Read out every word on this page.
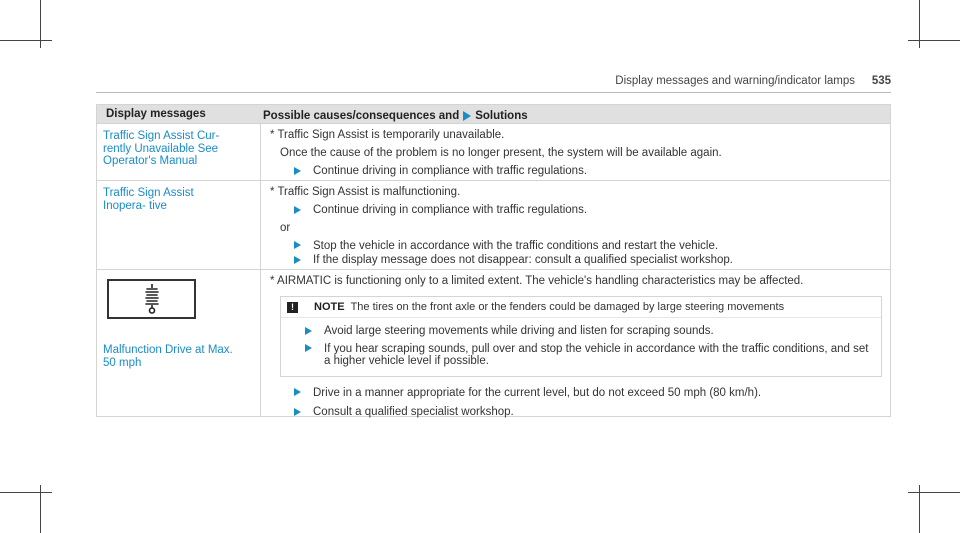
Display messages and warning/indicator lamps 535
Display messages	Possible causes/consequences and Solutions
Traffic Sign Assist Cur- rently Unavailable See Operator's Manual
* Traffic Sign Assist is temporarily unavailable.
Once the cause of the problem is no longer present, the system will be available again.
Continue driving in compliance with traffic regulations.
Traffic Sign Assist Inopera- tive
* Traffic Sign Assist is malfunctioning.
Continue driving in compliance with traffic regulations.
or
Stop the vehicle in accordance with the traffic conditions and restart the vehicle.
If the display message does not disappear: consult a qualified specialist workshop.
Malfunction Drive at Max. 50 mph
* AIRMATIC is functioning only to a limited extent. The vehicle's handling characteristics may be affected.
!	NOTE The tires on the front axle or the fenders could be damaged by large steering movements
Avoid large steering movements while driving and listen for scraping sounds.
If you hear scraping sounds, pull over and stop the vehicle in accordance with the traffic conditions, and set a higher vehicle level if possible.
Drive in a manner appropriate for the current level, but do not exceed 50 mph (80 km/h).
Consult a qualified specialist workshop.
